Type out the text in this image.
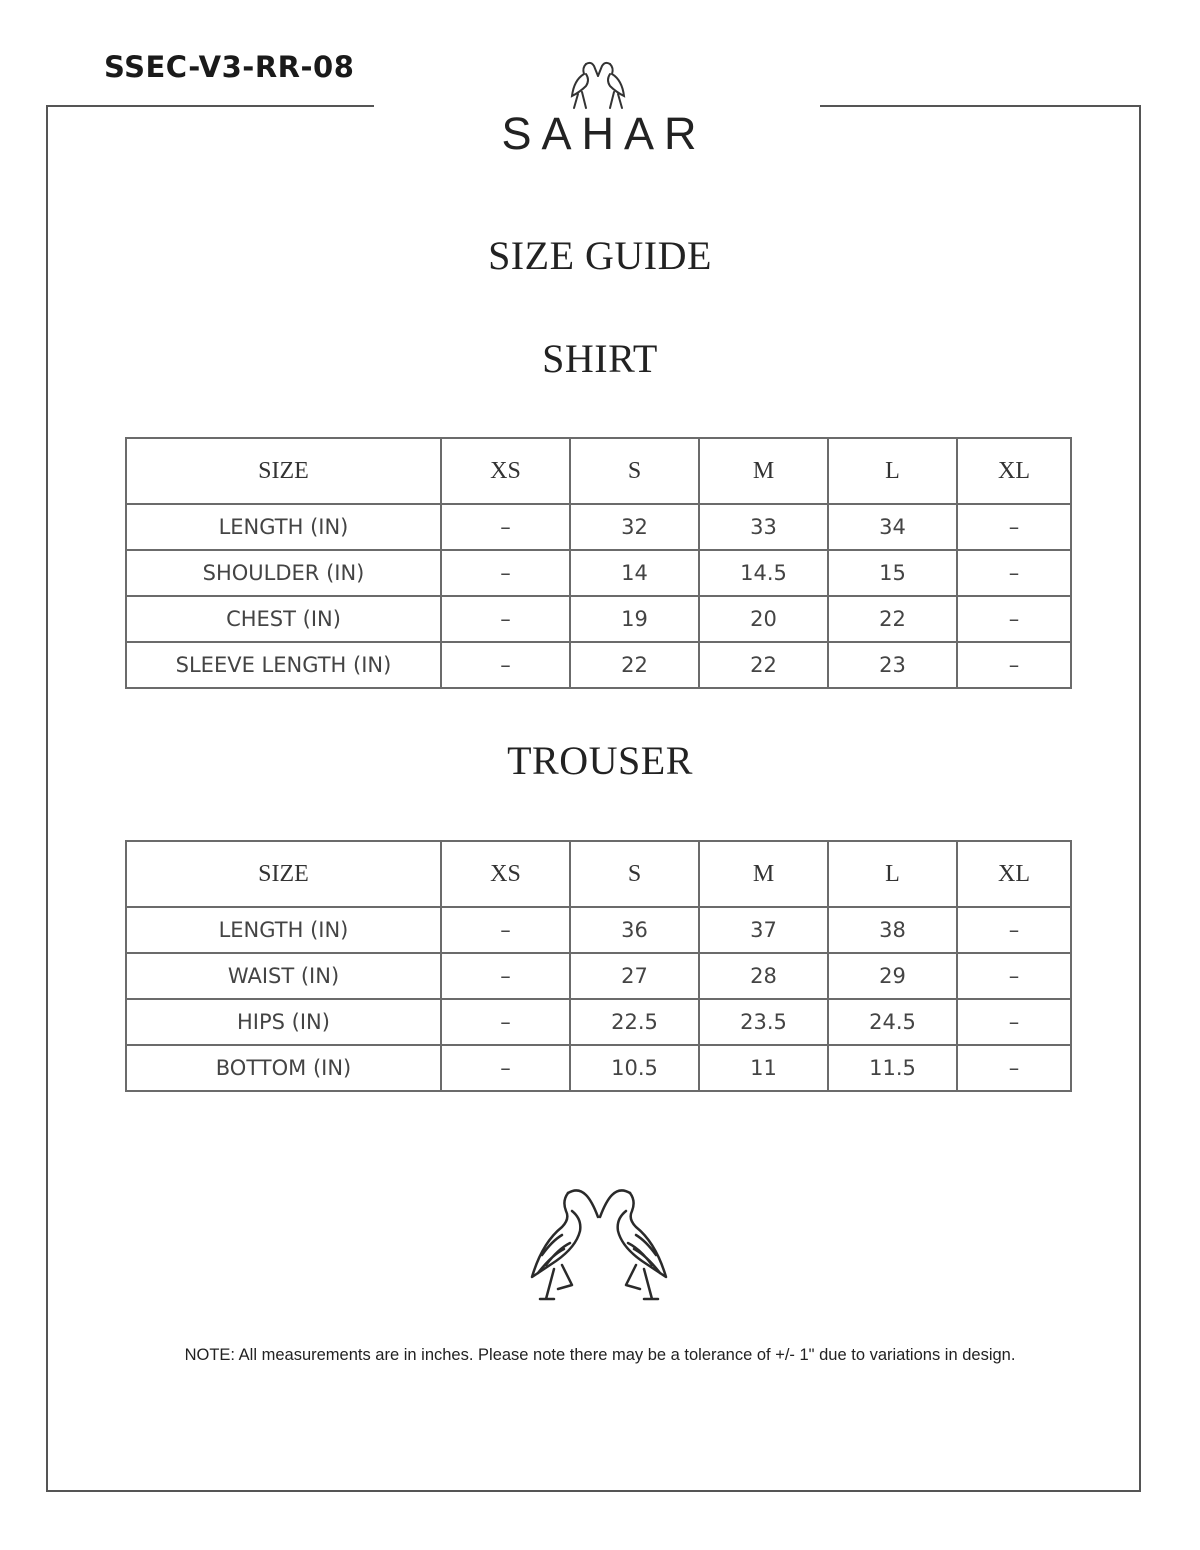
SSEC-V3-RR-08
SAHAR
SIZE GUIDE
SHIRT
SIZE	XS	S	M	L	XL
LENGTH (IN)	–	32	33	34	–
SHOULDER (IN)	–	14	14.5	15	–
CHEST (IN)	–	19	20	22	–
SLEEVE LENGTH (IN)	–	22	22	23	–
TROUSER
SIZE	XS	S	M	L	XL
LENGTH (IN)	–	36	37	38	–
WAIST (IN)	–	27	28	29	–
HIPS (IN)	–	22.5	23.5	24.5	–
BOTTOM (IN)	–	10.5	11	11.5	–
NOTE: All measurements are in inches. Please note there may be a tolerance of +/- 1" due to variations in design.
